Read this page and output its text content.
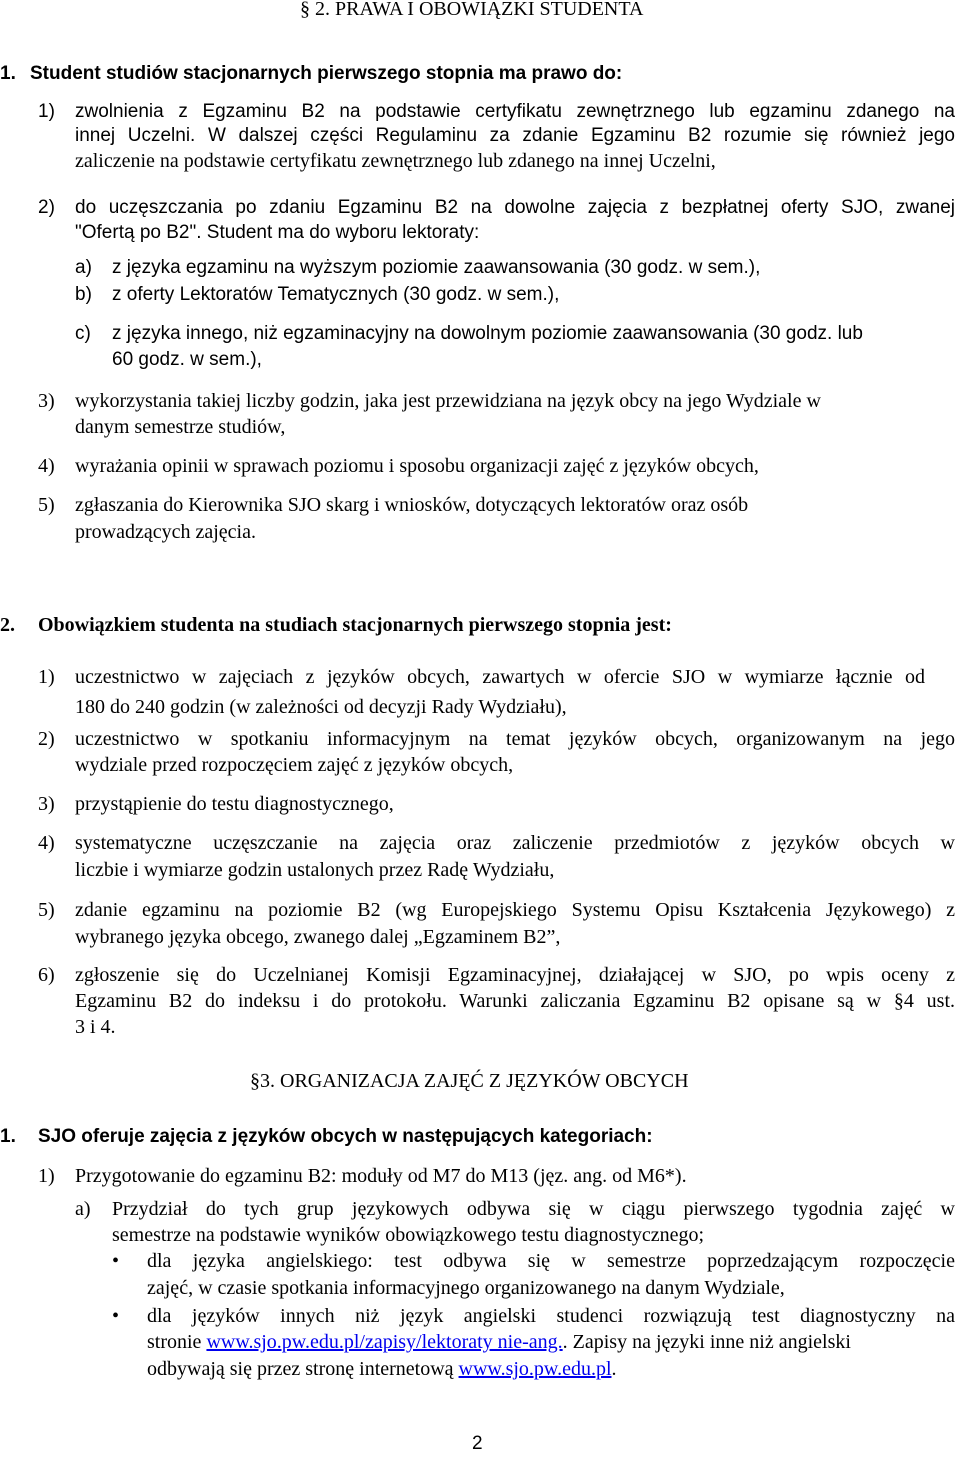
§ 2. PRAWA I OBOWIĄZKI STUDENTA
1. Student studiów stacjonarnych pierwszego stopnia ma prawo do:
1) zwolnienia z Egzaminu B2 na podstawie certyfikatu zewnętrznego lub egzaminu zdanego na
innej Uczelni. W dalszej części Regulaminu za zdanie Egzaminu B2 rozumie się również jego
zaliczenie na podstawie certyfikatu zewnętrznego lub zdanego na innej Uczelni,
2) do uczęszczania po zdaniu Egzaminu B2 na dowolne zajęcia z bezpłatnej oferty SJO, zwanej
"Ofertą po B2". Student ma do wyboru lektoraty:
a) z języka egzaminu na wyższym poziomie zaawansowania (30 godz. w sem.),
b) z oferty Lektoratów Tematycznych (30 godz. w sem.),
c) z języka innego, niż egzaminacyjny na dowolnym poziomie zaawansowania (30 godz. lub
60 godz. w sem.),
3) wykorzystania takiej liczby godzin, jaka jest przewidziana na język obcy na jego Wydziale w
danym semestrze studiów,
4) wyrażania opinii w sprawach poziomu i sposobu organizacji zajęć z języków obcych,
5) zgłaszania do Kierownika SJO skarg i wniosków, dotyczących lektoratów oraz osób
prowadzących zajęcia.
2. Obowiązkiem studenta na studiach stacjonarnych pierwszego stopnia jest:
1) uczestnictwo w zajęciach z języków obcych, zawartych w ofercie SJO w wymiarze łącznie od
180 do 240 godzin (w zależności od decyzji Rady Wydziału),
2) uczestnictwo w spotkaniu informacyjnym na temat języków obcych, organizowanym na jego
wydziale przed rozpoczęciem zajęć z języków obcych,
3) przystąpienie do testu diagnostycznego,
4) systematyczne uczęszczanie na zajęcia oraz zaliczenie przedmiotów z języków obcych w
liczbie i wymiarze godzin ustalonych przez Radę Wydziału,
5) zdanie egzaminu na poziomie B2 (wg Europejskiego Systemu Opisu Kształcenia Językowego) z
wybranego języka obcego, zwanego dalej „Egzaminem B2”,
6) zgłoszenie się do Uczelnianej Komisji Egzaminacyjnej, działającej w SJO, po wpis oceny z
Egzaminu B2 do indeksu i do protokołu. Warunki zaliczania Egzaminu B2 opisane są w §4 ust.
3 i 4.
§3. ORGANIZACJA ZAJĘĆ Z JĘZYKÓW OBCYCH
1. SJO oferuje zajęcia z języków obcych w następujących kategoriach:
1) Przygotowanie do egzaminu B2: moduły od M7 do M13 (jęz. ang. od M6*).
a) Przydział do tych grup językowych odbywa się w ciągu pierwszego tygodnia zajęć w
semestrze na podstawie wyników obowiązkowego testu diagnostycznego;
• dla języka angielskiego: test odbywa się w semestrze poprzedzającym rozpoczęcie
zajęć, w czasie spotkania informacyjnego organizowanego na danym Wydziale,
• dla języków innych niż język angielski studenci rozwiązują test diagnostyczny na
stronie www.sjo.pw.edu.pl/zapisy/lektoraty nie-ang.. Zapisy na języki inne niż angielski
odbywają się przez stronę internetową www.sjo.pw.edu.pl.
2
